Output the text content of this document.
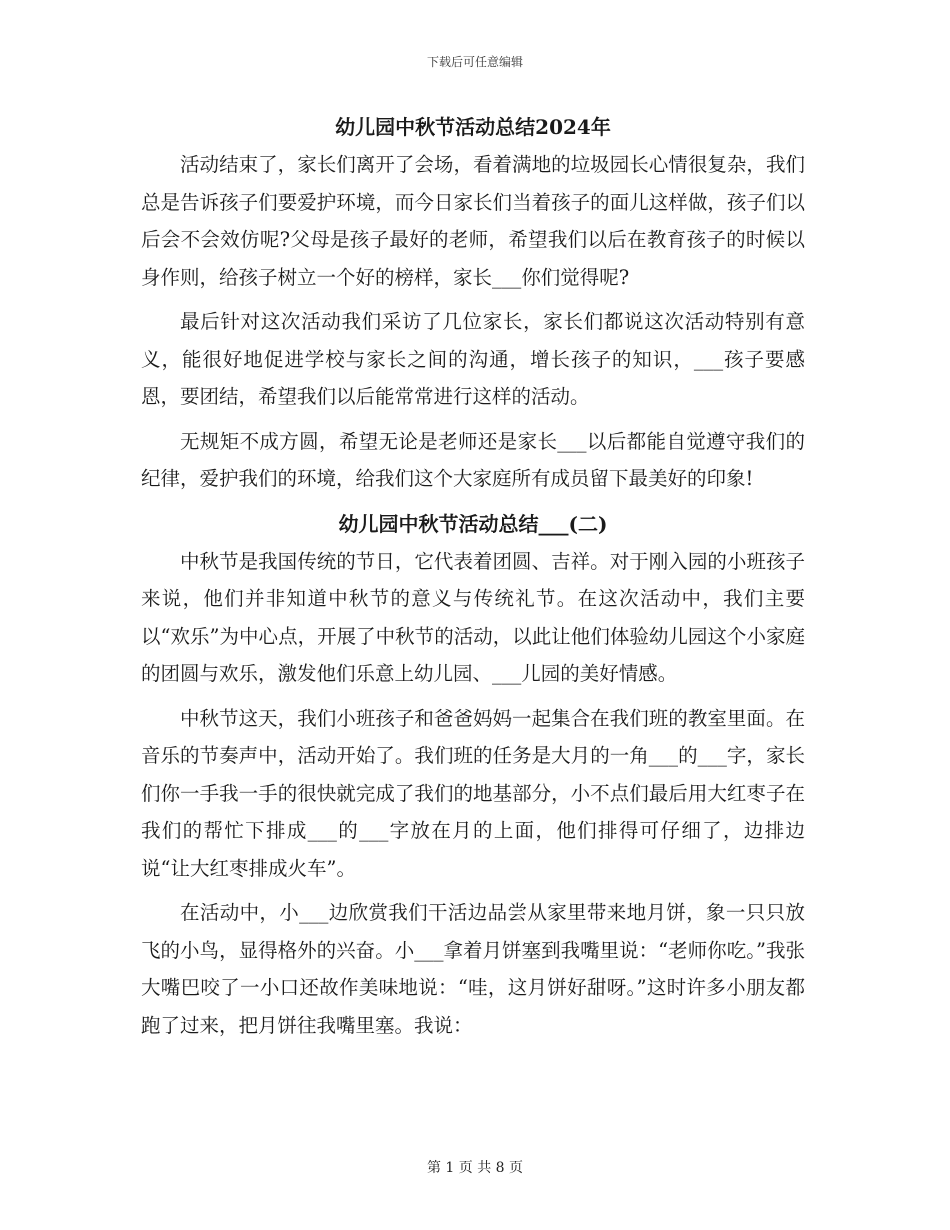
下载后可任意编辑
幼儿园中秋节活动总结2024年

活动结束了，家长们离开了会场，看着满地的垃圾园长心情很复杂，我们总是告诉孩子们要爱护环境，而今日家长们当着孩子的面儿这样做，孩子们以后会不会效仿呢?父母是孩子最好的老师，希望我们以后在教育孩子的时候以身作则，给孩子树立一个好的榜样，家长___你们觉得呢?

最后针对这次活动我们采访了几位家长，家长们都说这次活动特别有意义，能很好地促进学校与家长之间的沟通，增长孩子的知识，___孩子要感恩，要团结，希望我们以后能常常进行这样的活动。

无规矩不成方圆，希望无论是老师还是家长___以后都能自觉遵守我们的纪律，爱护我们的环境，给我们这个大家庭所有成员留下最美好的印象!

幼儿园中秋节活动总结___(二)

中秋节是我国传统的节日，它代表着团圆、吉祥。对于刚入园的小班孩子来说，他们并非知道中秋节的意义与传统礼节。在这次活动中，我们主要以“欢乐”为中心点，开展了中秋节的活动，以此让他们体验幼儿园这个小家庭的团圆与欢乐，激发他们乐意上幼儿园、___儿园的美好情感。

中秋节这天，我们小班孩子和爸爸妈妈一起集合在我们班的教室里面。在音乐的节奏声中，活动开始了。我们班的任务是大月的一角___的___字，家长们你一手我一手的很快就完成了我们的地基部分，小不点们最后用大红枣子在我们的帮忙下排成___的___字放在月的上面，他们排得可仔细了，边排边说“让大红枣排成火车”。

在活动中，小___边欣赏我们干活边品尝从家里带来地月饼，象一只只放飞的小鸟，显得格外的兴奋。小___拿着月饼塞到我嘴里说：“老师你吃。”我张大嘴巴咬了一小口还故作美味地说：“哇，这月饼好甜呀。”这时许多小朋友都跑了过来，把月饼往我嘴里塞。我说：

第 1 页 共 8 页
